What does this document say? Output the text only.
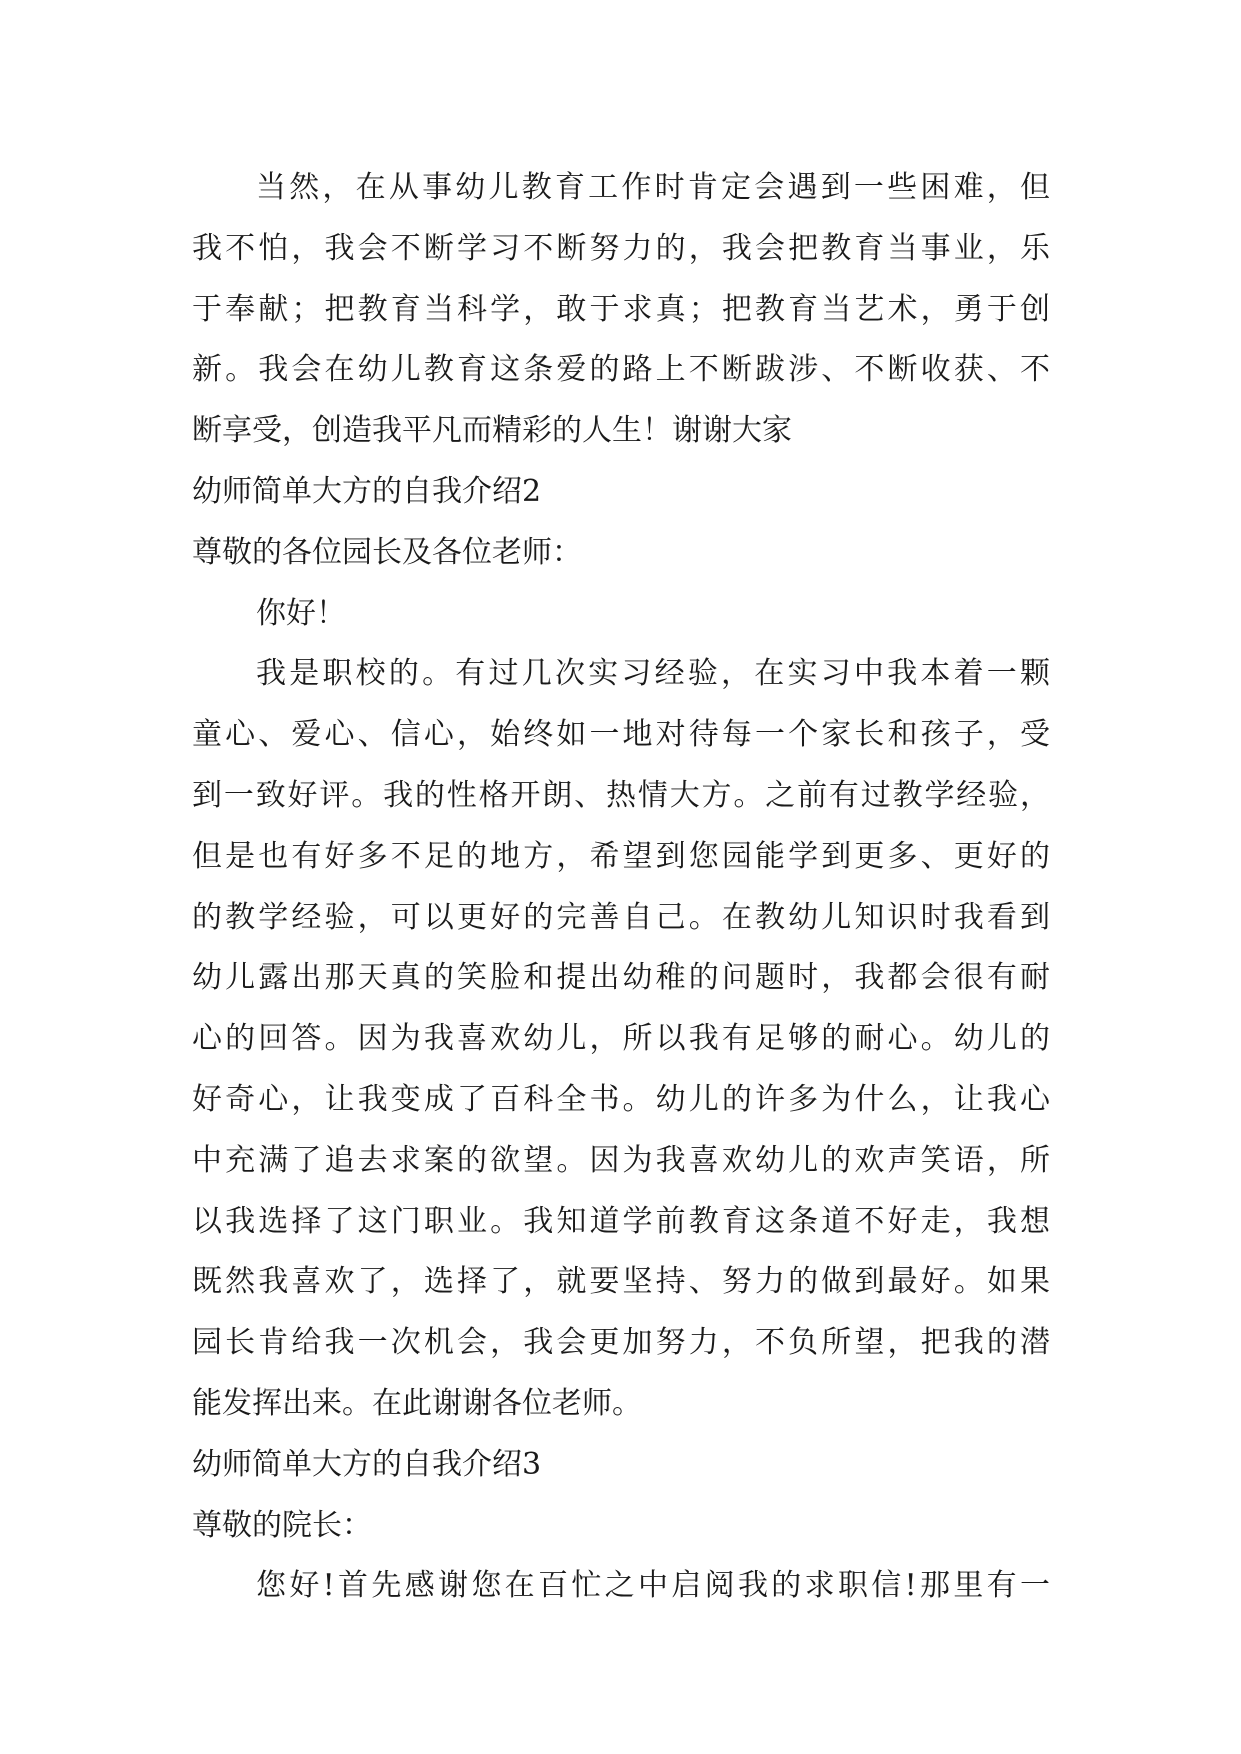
当然，在从事幼儿教育工作时肯定会遇到一些困难，但
我不怕，我会不断学习不断努力的，我会把教育当事业，乐
于奉献；把教育当科学，敢于求真；把教育当艺术，勇于创
新。我会在幼儿教育这条爱的路上不断跋涉、不断收获、不
断享受，创造我平凡而精彩的人生！谢谢大家
幼师简单大方的自我介绍2
尊敬的各位园长及各位老师：
你好！
我是职校的。有过几次实习经验，在实习中我本着一颗
童心、爱心、信心，始终如一地对待每一个家长和孩子，受
到一致好评。我的性格开朗、热情大方。之前有过教学经验，
但是也有好多不足的地方，希望到您园能学到更多、更好的
的教学经验，可以更好的完善自己。在教幼儿知识时我看到
幼儿露出那天真的笑脸和提出幼稚的问题时，我都会很有耐
心的回答。因为我喜欢幼儿，所以我有足够的耐心。幼儿的
好奇心，让我变成了百科全书。幼儿的许多为什么，让我心
中充满了追去求案的欲望。因为我喜欢幼儿的欢声笑语，所
以我选择了这门职业。我知道学前教育这条道不好走，我想
既然我喜欢了，选择了，就要坚持、努力的做到最好。如果
园长肯给我一次机会，我会更加努力，不负所望，把我的潜
能发挥出来。在此谢谢各位老师。
幼师简单大方的自我介绍3
尊敬的院长：
您好!首先感谢您在百忙之中启阅我的求职信!那里有一
